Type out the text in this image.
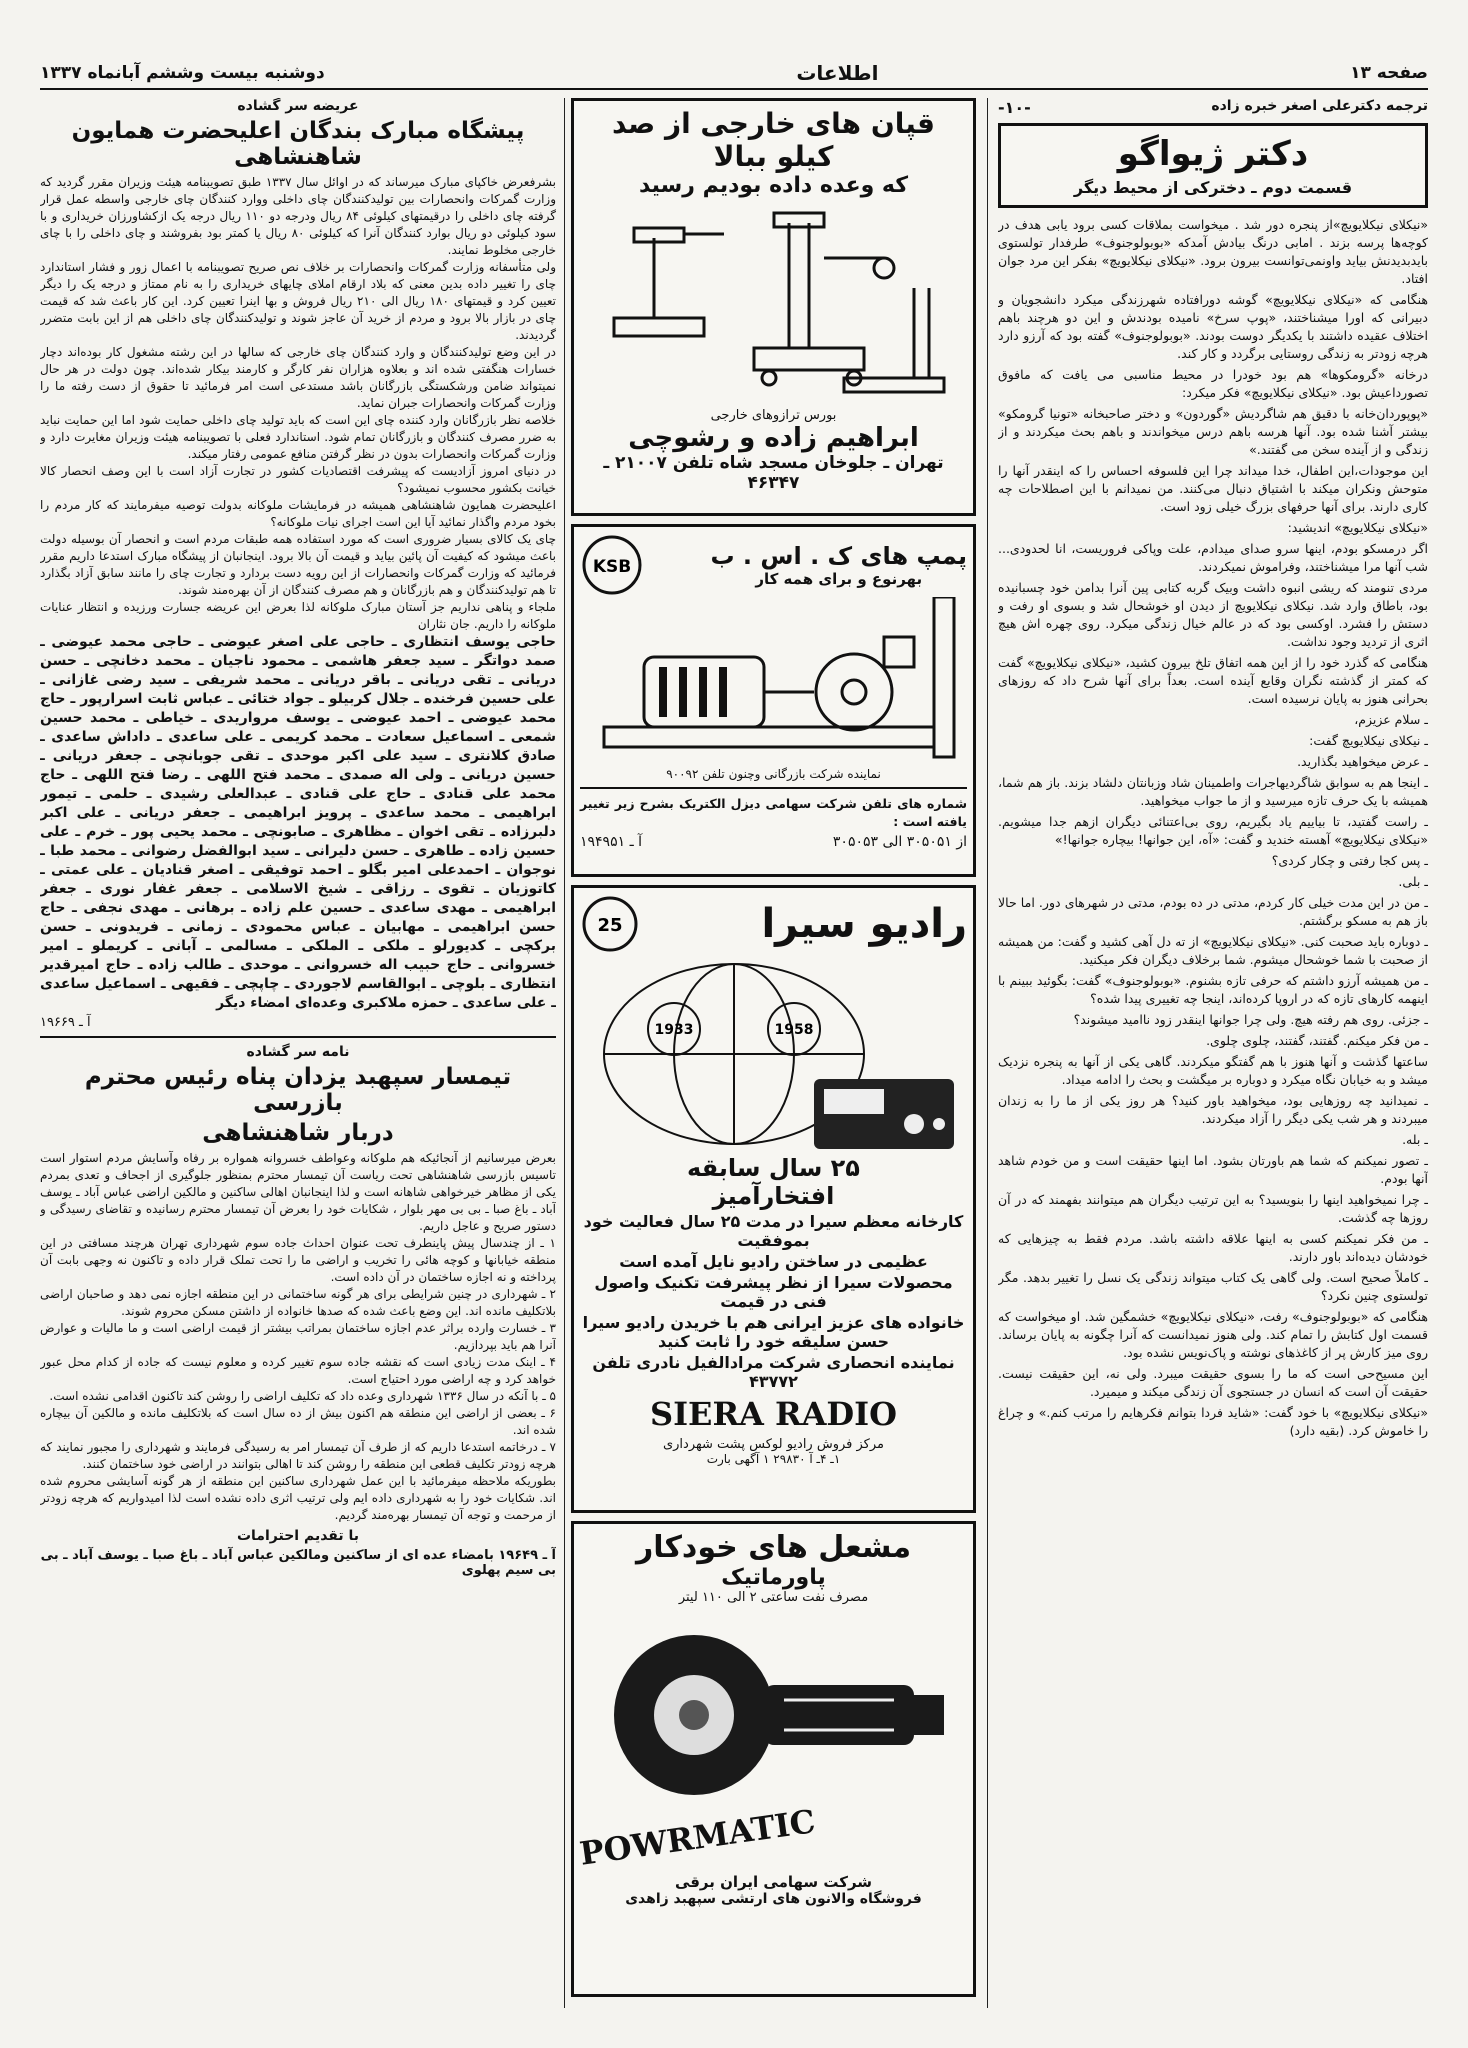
صفحه ۱۳
اطلاعات
دوشنبه بیست وششم آبانماه ۱۳۳۷
ترجمه دکترعلی اصغر خبره زاده
-۱۰-
دکتر ژیواگو
قسمت دوم ـ دخترکی از محیط دیگر

«نیکلای نیکلایویچ»از پنجره دور شد . میخواست بملاقات کسی برود یابی هدف در کوچه‌ها پرسه بزند . امابی درنگ بیادش آمدکه «بوبولوجنوف» طرفدار تولستوی بایدبدیدنش بیاید واونمی‌توانست بیرون برود. «نیکلای نیکلایویچ» بفکر این مرد جوان افتاد.

هنگامی که «نیکلای نیکلایویچ» گوشه دورافتاده شهرزندگی میکرد دانشجویان و دبیرانی که اورا میشناختند، «پوپ سرخ» نامیده بودندش و این دو هرچند باهم اختلاف عقیده داشتند با یکدیگر دوست بودند. «بوبولوجنوف» گفته بود که آرزو دارد هرچه زودتر به زندگی روستایی برگردد و کار کند.

درخانه «گرومکوها» هم بود خودرا در محیط مناسبی می یافت که مافوق تصورداعیش بود. «نیکلای نیکلایویچ» فکر میکرد:

«پوپوردان‌خانه با دقیق هم شاگردیش «گوردون» و دختر صاحبخانه «تونیا گرومکو» بیشتر آشنا شده بود. آنها هرسه باهم درس میخواندند و باهم بحث میکردند و از زندگی و از آینده سخن می گفتند.»

این موجودات،این اطفال، خدا میداند چرا این فلسوفه احساس را که اینقدر آنها را متوحش ونکران میکند با اشتیاق دنبال می‌کنند. من نمیدانم با این اصطلاحات چه کاری دارند. برای آنها حرفهای بزرگ خیلی زود است.

«نیکلای نیکلایویچ» اندیشید:

اگر درمسکو بودم، اینها سرو صدای میدادم، علت وپاکی فروریست، انا لحدودی... شب آنها مرا میشناختند، وفراموش نمیکردند.

مردی تنومند که ریشی انبوه داشت وبیک گربه کتابی پین آنرا بدامن خود چسبانیده بود، باطاق وارد شد. نیکلای نیکلایویچ از دیدن او خوشحال شد و بسوی او رفت و دستش را فشرد. اوکسی بود که در عالم خیال زندگی میکرد. روی چهره اش هیچ اثری از تردید وجود نداشت.

هنگامی که گذرد خود را از این همه اتفاق تلخ بیرون کشید، «نیکلای نیکلایویچ» گفت که کمتر از گذشته نگران وقایع آینده است. بعداً برای آنها شرح داد که روزهای بحرانی هنوز به پایان نرسیده است.

ـ سلام عزیزم،

ـ نیکلای نیکلایویچ گفت:

ـ عرض میخواهید بگذارید.

ـ اینجا هم به سوابق شاگردیهاجرات واطمینان شاد وزبانتان دلشاد بزند. باز هم شما، همیشه با یک حرف تازه میرسید و از ما جواب میخواهید.

ـ راست گفتید، تا بیاییم یاد بگیریم، روی بی‌اعتنائی دیگران ازهم جدا میشویم. «نیکلای نیکلایویچ» آهسته خندید و گفت: «آه، این جوانها! بیچاره جوانها!»

ـ پس کجا رفتی و چکار کردی؟

ـ بلی.

ـ من در این مدت خیلی کار کردم، مدتی در ده بودم، مدتی در شهرهای دور. اما حالا باز هم به مسکو برگشتم.

ـ دوباره باید صحبت کنی. «نیکلای نیکلایویچ» از ته دل آهی کشید و گفت: من همیشه از صحبت با شما خوشحال میشوم. شما برخلاف دیگران فکر میکنید.

ـ من همیشه آرزو داشتم که حرفی تازه بشنوم. «بوبولوجنوف» گفت: بگوئید ببینم با اینهمه کارهای تازه که در اروپا کرده‌اند، اینجا چه تغییری پیدا شده؟

ـ جزئی. روی هم رفته هیچ. ولی چرا جوانها اینقدر زود ناامید میشوند؟

ـ من فکر میکنم. گفتند، گفتند، چلوی چلوی.

ساعتها گذشت و آنها هنوز با هم گفتگو میکردند. گاهی یکی از آنها به پنجره نزدیک میشد و به خیابان نگاه میکرد و دوباره بر میگشت و بحث را ادامه میداد.

ـ نمیدانید چه روزهایی بود، میخواهید باور کنید؟ هر روز یکی از ما را به زندان میبردند و هر شب یکی دیگر را آزاد میکردند.

ـ بله.

ـ تصور نمیکنم که شما هم باورتان بشود. اما اینها حقیقت است و من خودم شاهد آنها بودم.

ـ چرا نمیخواهید اینها را بنویسید؟ به این ترتیب دیگران هم میتوانند بفهمند که در آن روزها چه گذشت.

ـ من فکر نمیکنم کسی به اینها علاقه داشته باشد. مردم فقط به چیزهایی که خودشان دیده‌اند باور دارند.

ـ کاملاً صحیح است. ولی گاهی یک کتاب میتواند زندگی یک نسل را تغییر بدهد. مگر تولستوی چنین نکرد؟

هنگامی که «بوبولوجنوف» رفت، «نیکلای نیکلایویچ» خشمگین شد. او میخواست که قسمت اول کتابش را تمام کند. ولی هنوز نمیدانست که آنرا چگونه به پایان برساند. روی میز کارش پر از کاغذهای نوشته و پاک‌نویس نشده بود.

این مسیح‌حی است که ما را بسوی حقیقت میبرد. ولی نه، این حقیقت نیست. حقیقت آن است که انسان در جستجوی آن زندگی میکند و میمیرد.

«نیکلای نیکلایویچ» با خود گفت: «شاید فردا بتوانم فکرهایم را مرتب کنم.» و چراغ را خاموش کرد. (بقیه دارد)

قپان های خارجی از صد کیلو ببالا
که وعده داده بودیم رسید
بورس ترازوهای خارجی
ابراهیم زاده و رشوچی
تهران ـ جلوخان مسجد شاه تلفن ۲۱۰۰۷ ـ ۴۶۳۴۷
پمپ های ک . اس . ب
بهرنوع و برای همه کار
KSB
نماینده شرکت بازرگانی وچنون تلفن ۹۰۰۹۲
شماره های تلفن شرکت سهامی دیزل الکتریک بشرح زیر تغییر یافته است :
از ۳۰۵۰۵۱ الی ۳۰۵۰۵۳
آ ـ ۱۹۴۹۵۱
رادیو سیرا
25
1933	1958
۲۵ سال سابقه
افتخارآمیز

کارخانه معظم سیرا در مدت ۲۵ سال فعالیت خود بموفقیت

عظیمی در ساختن رادیو نایل آمده است

محصولات سیرا از نظر پیشرفت تکنیک واصول فنی در قیمت

خانواده های عزیز ایرانی هم با خریدن رادیو سیرا حسن سلیقه خود را ثابت کنید

نماینده انحصاری شرکت مرادالفیل نادری تلفن ۴۳۷۷۲

SIERA RADIO
مرکز فروش رادیو لوکس پشت شهرداری
۱ـ ۴ـ آ ۲۹۸۳۰ ۱ آگهی بارت
مشعل های خودکار
پاورماتیک
مصرف نفت ساعتی ۲ الی ۱۱۰ لیتر
POWRMATIC
شرکت سهامی ایران برقی
فروشگاه والانون های ارتشی سپهبد زاهدی
عریضه سر گشاده
پیشگاه مبارک بندگان اعلیحضرت همایون شاهنشاهی

بشرفعرض خاکپای مبارک میرساند که در اوائل سال ۱۳۳۷ طبق تصویبنامه هیئت وزیران مقرر گردید که وزارت گمرکات وانحصارات بین تولیدکنندگان چای داخلی ووارد کنندگان چای خارجی واسطه عمل قرار گرفته چای داخلی را درقیمتهای کیلوئی ۸۴ ریال ودرجه دو ۱۱۰ ریال درجه یک ازکشاورزان خریداری و با سود کیلوئی دو ریال بوارد کنندگان آنرا که کیلوئی ۸۰ ریال یا کمتر بود بفروشند و چای داخلی را با چای خارجی مخلوط نمایند.

ولی متأسفانه وزارت گمرکات وانحصارات بر خلاف نص صریح تصویبنامه با اعمال زور و فشار استاندارد چای را تغییر داده بدین معنی که بلاد ارقام املای چایهای خریداری را به نام ممتاز و درجه یک را دیگر تعیین کرد و قیمتهای ۱۸۰ ریال الی ۲۱۰ ریال فروش و بها اینرا تعیین کرد. این کار باعث شد که قیمت چای در بازار بالا برود و مردم از خرید آن عاجز شوند و تولیدکنندگان چای داخلی هم از این بابت متضرر گردیدند.

در این وضع تولیدکنندگان و وارد کنندگان چای خارجی که سالها در این رشته مشغول کار بوده‌اند دچار خسارات هنگفتی شده اند و بعلاوه هزاران نفر کارگر و کارمند بیکار شده‌اند. چون دولت در هر حال نمیتواند ضامن ورشکستگی بازرگانان باشد مستدعی است امر فرمائید تا حقوق از دست رفته ما را وزارت گمرکات وانحصارات جبران نماید.

خلاصه نظر بازرگانان وارد کننده چای این است که باید تولید چای داخلی حمایت شود اما این حمایت نباید به ضرر مصرف کنندگان و بازرگانان تمام شود. استاندارد فعلی با تصویبنامه هیئت وزیران مغایرت دارد و وزارت گمرکات وانحصارات بدون در نظر گرفتن منافع عمومی رفتار میکند.

در دنیای امروز آزادیست که پیشرفت اقتصادیات کشور در تجارت آزاد است با این وصف انحصار کالا خیانت بکشور محسوب نمیشود؟

اعلیحضرت همایون شاهنشاهی همیشه در فرمایشات ملوکانه بدولت توصیه میفرمایند که کار مردم را بخود مردم واگذار نمائید آیا این است اجرای نیات ملوکانه؟

چای یک کالای بسیار ضروری است که مورد استفاده همه طبقات مردم است و انحصار آن بوسیله دولت باعث میشود که کیفیت آن پائین بیاید و قیمت آن بالا برود. اینجانبان از پیشگاه مبارک استدعا داریم مقرر فرمائید که وزارت گمرکات وانحصارات از این رویه دست بردارد و تجارت چای را مانند سابق آزاد بگذارد تا هم تولیدکنندگان و هم بازرگانان و هم مصرف کنندگان از آن بهره‌مند شوند.

ملجاء و پناهی نداریم جز آستان مبارک ملوکانه لذا بعرض این عریضه جسارت ورزیده و انتظار عنایات ملوکانه را داریم. جان نثاران

حاجی یوسف انتظاری ـ حاجی علی اصغر عیوضی ـ حاجی محمد عیوضی ـ صمد دواتگر ـ سید جعفر هاشمی ـ محمود ناجیان ـ محمد دخانچی ـ حسن دریانی ـ تقی دریانی ـ باقر دریانی ـ محمد شریفی ـ سید رضی غازانی ـ علی حسین فرخنده ـ جلال کربیلو ـ جواد ختائی ـ عباس ثابت اسرارپور ـ حاج محمد عیوضی ـ احمد عیوضی ـ یوسف مرواریدی ـ خیاطی ـ محمد حسین شمعی ـ اسماعیل سعادت ـ محمد کریمی ـ علی ساعدی ـ داداش ساعدی ـ صادق کلانتری ـ سید علی اکبر موحدی ـ تقی جوبانچی ـ جعفر دریانی ـ حسین دریانی ـ ولی اله صمدی ـ محمد فتح اللهی ـ رضا فتح اللهی ـ حاج محمد علی قنادی ـ حاج علی قنادی ـ عبدالعلی رشیدی ـ حلمی ـ تیمور ابراهیمی ـ محمد ساعدی ـ پرویز ابراهیمی ـ جعفر دریانی ـ علی اکبر دلبرزاده ـ تقی اخوان ـ مظاهری ـ صابونچی ـ محمد یحیی پور ـ خرم ـ علی حسین زاده ـ طاهری ـ حسن دلیرانی ـ سید ابوالفضل رضوانی ـ محمد طبا ـ نوجوان ـ احمدعلی امیر بگلو ـ احمد توفیقی ـ اصغر قنادیان ـ علی عمتی ـ کاتوزیان ـ تقوی ـ رزاقی ـ شیخ الاسلامی ـ جعفر غفار نوری ـ جعفر ابراهیمی ـ مهدی ساعدی ـ حسین علم زاده ـ برهانی ـ مهدی نجفی ـ حاج حسن ابراهیمی ـ مهابیان ـ عباس محمودی ـ زمانی ـ فریدونی ـ حسن برکچی ـ کدیورلو ـ ملکی ـ الملکی ـ مسالمی ـ آبانی ـ کریملو ـ امیر خسروانی ـ حاج حبیب اله خسروانی ـ موحدی ـ طالب زاده ـ حاج امیرقدیر انتظاری ـ بلوچی ـ ابوالقاسم لاجوردی ـ چاپچی ـ فقیهی ـ اسماعیل ساعدی ـ علی ساعدی ـ حمزه ملاکبری وعده‌ای امضاء دیگر

آ ـ ۱۹۶۶۹
نامه سر گشاده
تیمسار سپهبد یزدان پناه رئیس محترم بازرسی
دربار شاهنشاهی

بعرض میرسانیم از آنجائیکه هم ملوکانه وعواطف خسروانه همواره بر رفاه وآسایش مردم استوار است تاسیس بازرسی شاهنشاهی تحت ریاست آن تیمسار محترم بمنظور جلوگیری از اجحاف و تعدی بمردم یکی از مظاهر خیرخواهی شاهانه است و لذا اینجانبان اهالی ساکنین و مالکین اراضی عباس آباد ـ یوسف آباد ـ باغ صبا ـ بی بی مهر بلوار ، شکایات خود را بعرض آن تیمسار محترم رسانیده و تقاضای رسیدگی و دستور صریح و عاجل داریم.

۱ ـ از چندسال پیش پاینطرف تحت عنوان احداث جاده سوم شهرداری تهران هرچند مسافتی در این منطقه خیابانها و کوچه هائی را تخریب و اراضی ما را تحت تملک قرار داده و تاکنون نه وجهی بابت آن پرداخته و نه اجازه ساختمان در آن داده است.

۲ ـ شهرداری در چنین شرایطی برای هر گونه ساختمانی در این منطقه اجازه نمی دهد و صاحبان اراضی بلاتکلیف مانده اند. این وضع باعث شده که صدها خانواده از داشتن مسکن محروم شوند.

۳ ـ خسارت وارده براثر عدم اجازه ساختمان بمراتب بیشتر از قیمت اراضی است و ما مالیات و عوارض آنرا هم باید بپردازیم.

۴ ـ اینک مدت زیادی است که نقشه جاده سوم تغییر کرده و معلوم نیست که جاده از کدام محل عبور خواهد کرد و چه اراضی مورد احتیاج است.

۵ ـ با آنکه در سال ۱۳۳۶ شهرداری وعده داد که تکلیف اراضی را روشن کند تاکنون اقدامی نشده است.

۶ ـ بعضی از اراضی این منطقه هم اکنون بیش از ده سال است که بلاتکلیف مانده و مالکین آن بیچاره شده اند.

۷ ـ درخاتمه استدعا داریم که از طرف آن تیمسار امر به رسیدگی فرمایند و شهرداری را مجبور نمایند که هرچه زودتر تکلیف قطعی این منطقه را روشن کند تا اهالی بتوانند در اراضی خود ساختمان کنند.

بطوریکه ملاحظه میفرمائید با این عمل شهرداری ساکنین این منطقه از هر گونه آسایشی محروم شده اند. شکایات خود را به شهرداری داده ایم ولی ترتیب اثری داده نشده است لذا امیدواریم که هرچه زودتر از مرحمت و توجه آن تیمسار بهره‌مند گردیم.

با تقدیم احترامات
آ ـ ۱۹۶۴۹ بامضاء عده ای از ساکنین ومالکین عباس آباد ـ باغ صبا ـ یوسف آباد ـ بی بی سیم پهلوی
